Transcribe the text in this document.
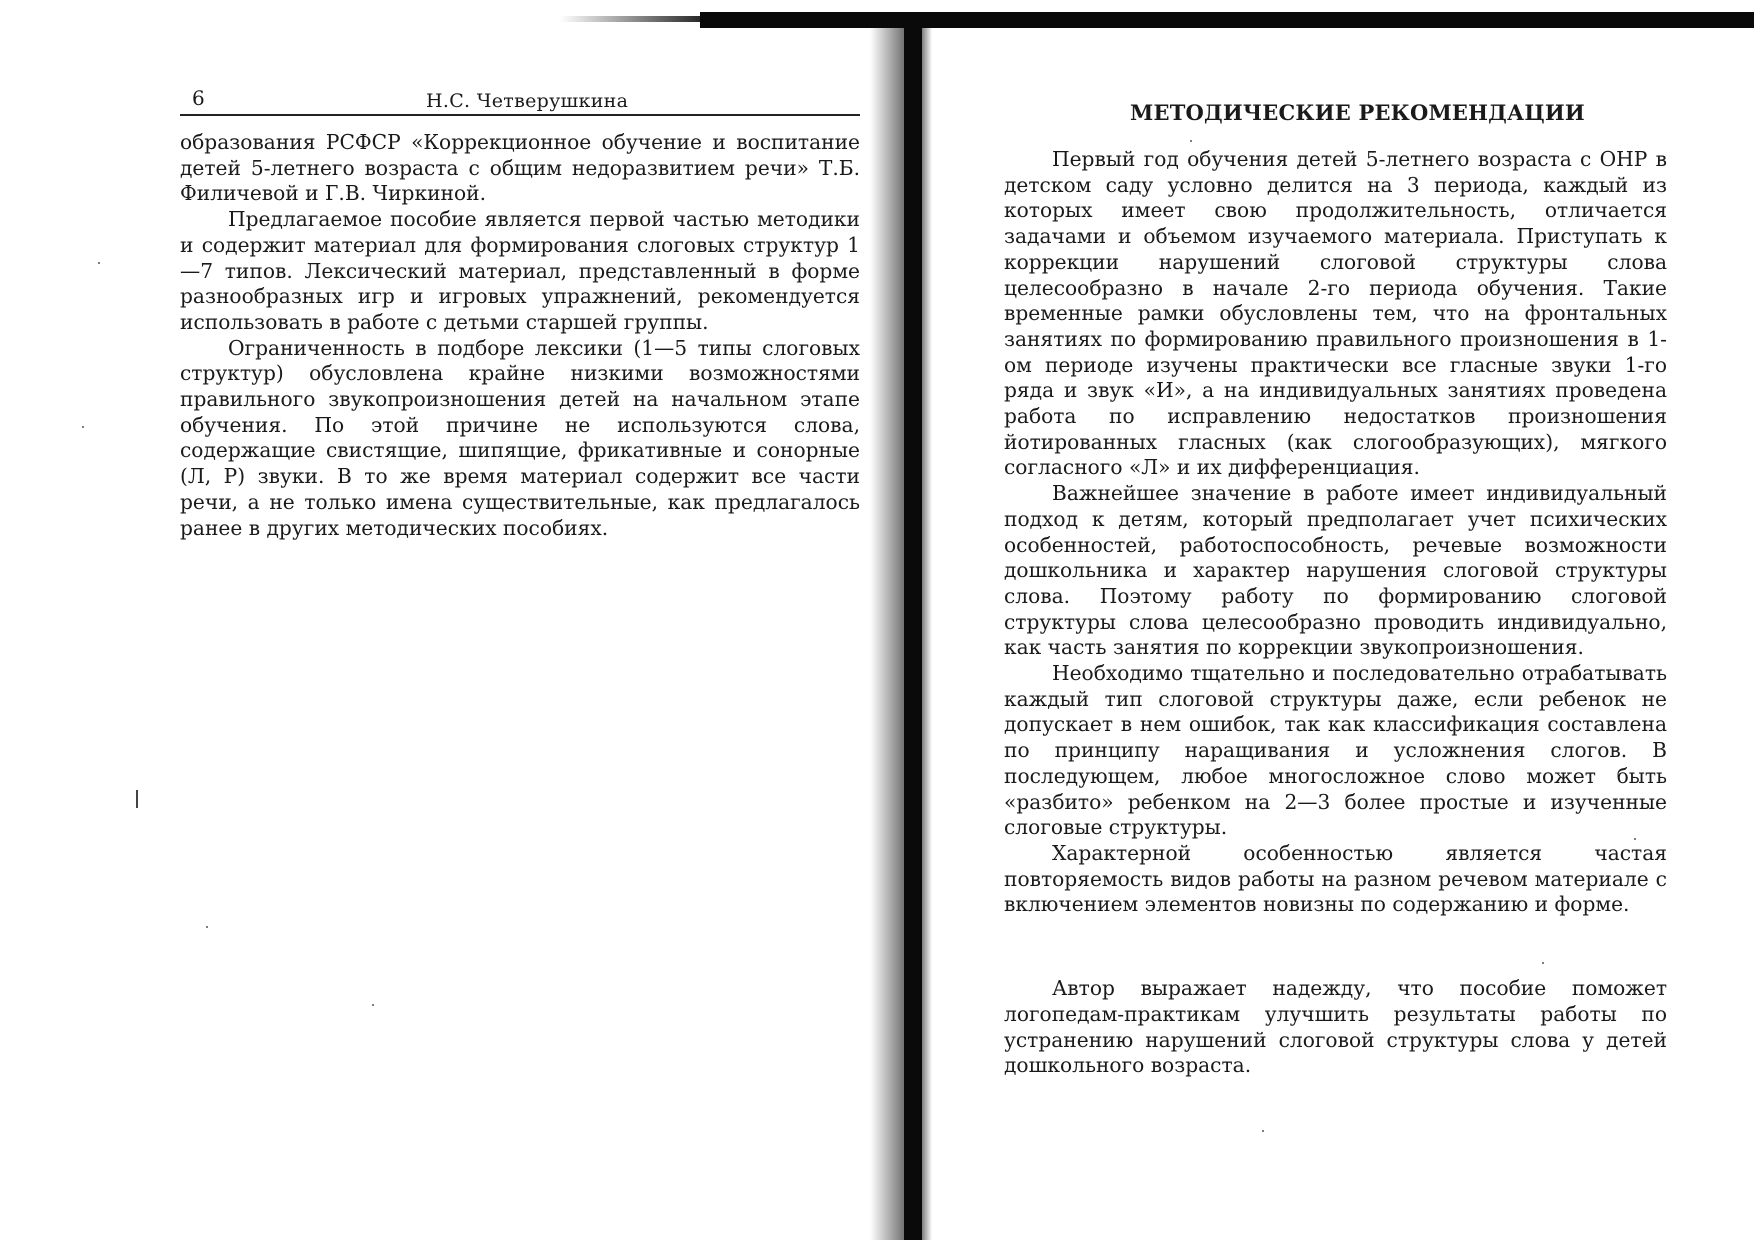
6	Н.С. Четверушкина

образования РСФСР «Коррекционное обучение и воспитание детей 5-летнего возраста с общим недоразвитием речи» Т.Б. Филичевой и Г.В. Чиркиной.

Предлагаемое пособие является первой частью методики и содержит материал для формирования слоговых структур 1—7 типов. Лексический материал, представленный в форме разнообразных игр и игровых упражнений, рекомендуется использовать в работе с детьми старшей группы.

Ограниченность в подборе лексики (1—5 типы слоговых структур) обусловлена крайне низкими возможностями правильного звукопроизношения детей на начальном этапе обучения. По этой причине не используются слова, содержащие свистящие, шипящие, фрикативные и сонорные (Л, Р) звуки. В то же время материал содержит все части речи, а не только имена существительные, как предлагалось ранее в других методических пособиях.

МЕТОДИЧЕСКИЕ РЕКОМЕНДАЦИИ

Первый год обучения детей 5-летнего возраста с ОНР в детском саду условно делится на 3 периода, каждый из которых имеет свою продолжительность, отличается задачами и объемом изучаемого материала. Приступать к коррекции нарушений слоговой структуры слова целесообразно в начале 2-го периода обучения. Такие временные рамки обусловлены тем, что на фронтальных занятиях по формированию правильного произношения в 1-ом периоде изучены практически все гласные звуки 1-го ряда и звук «И», а на индивидуальных занятиях проведена работа по исправлению недостатков произношения йотированных гласных (как слогообразующих), мягкого согласного «Л» и их дифференциация.

Важнейшее значение в работе имеет индивидуальный подход к детям, который предполагает учет психических особенностей, работоспособность, речевые возможности дошкольника и характер нарушения слоговой структуры слова. Поэтому работу по формированию слоговой структуры слова целесообразно проводить индивидуально, как часть занятия по коррекции звукопроизношения.

Необходимо тщательно и последовательно отрабатывать каждый тип слоговой структуры даже, если ребенок не допускает в нем ошибок, так как классификация составлена по принципу наращивания и усложнения слогов. В последующем, любое многосложное слово может быть «разбито» ребенком на 2—3 более простые и изученные слоговые структуры.

Характерной особенностью является частая повторяемость видов работы на разном речевом материале с включением элементов новизны по содержанию и форме.

Автор выражает надежду, что пособие поможет логопедам-практикам улучшить результаты работы по устранению нарушений слоговой структуры слова у детей дошкольного возраста.
